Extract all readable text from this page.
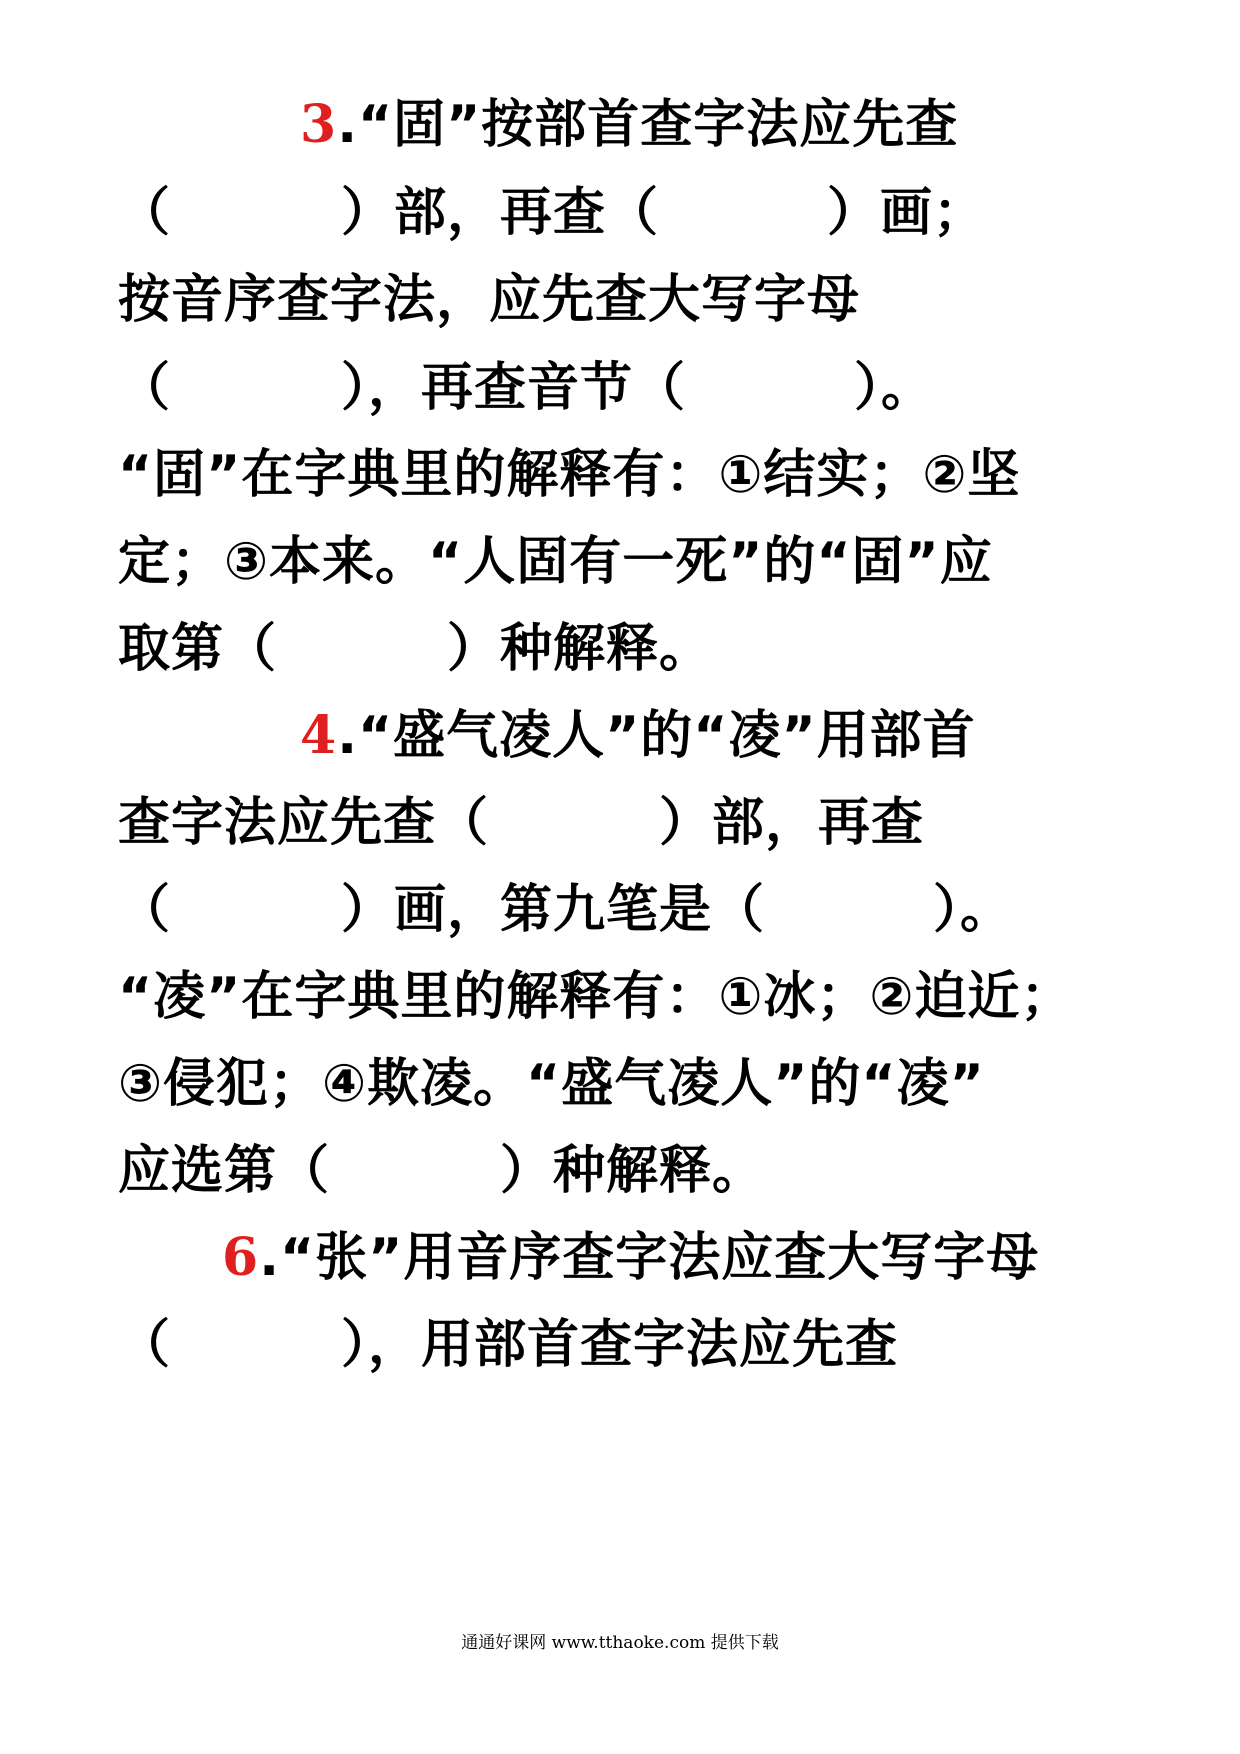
3.“固”按部首查字法应先查
（	）部，再查（	）画；
按音序查字法，应先查大写字母
（	），再查音节（	）。
“固”在字典里的解释有：①结实；②坚
定；③本来。“人固有一死”的“固”应
取第（	）种解释。
4.“盛气凌人”的“凌”用部首
查字法应先查（	）部，再查
（	）画，第九笔是（	）。
“凌”在字典里的解释有：①冰；②迫近；
③侵犯；④欺凌。“盛气凌人”的“凌”
应选第（	）种解释。
6.“张”用音序查字法应查大写字母
（	），用部首查字法应先查
通通好课网 www.tthaoke.com 提供下载
